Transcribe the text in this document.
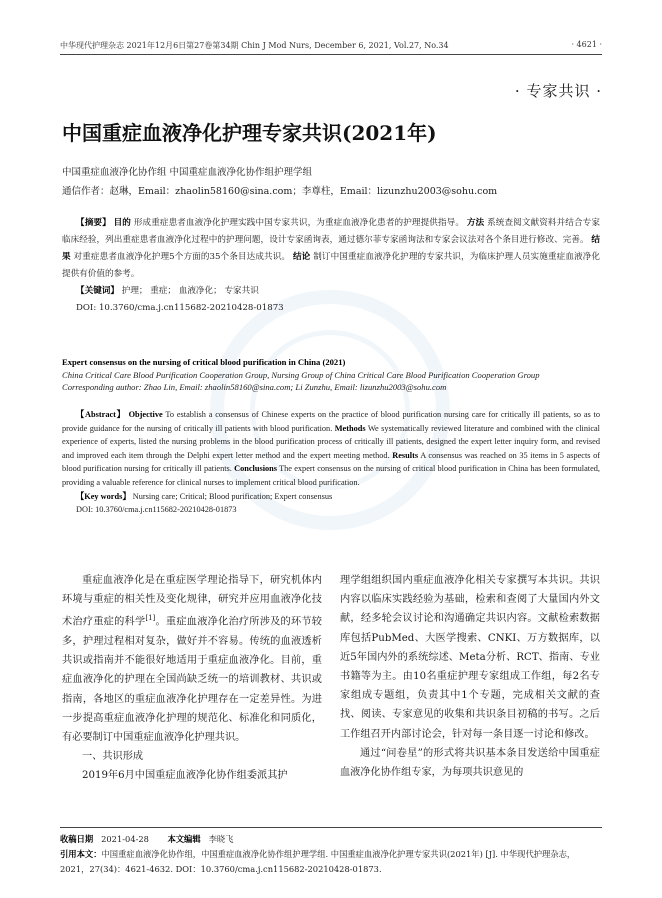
中华现代护理杂志 2021年12月6日第27卷第34期 Chin J Mod Nurs, December 6, 2021, Vol.27, No.34	· 4621 ·
· 专家共识 ·
中国重症血液净化护理专家共识(2021年)
中国重症血液净化协作组 中国重症血液净化协作组护理学组
通信作者：赵琳，Email：zhaolin58160@sina.com；李尊柱，Email：lizunzhu2003@sohu.com
【摘要】 目的 形成重症患者血液净化护理实践中国专家共识，为重症血液净化患者的护理提供指导。 方法 系统查阅文献资料并结合专家临床经验，列出重症患者血液净化过程中的护理问题，设计专家函询表，通过德尔菲专家函询法和专家会议法对各个条目进行修改、完善。 结果 对重症患者血液净化护理5个方面的35个条目达成共识。 结论 制订中国重症血液净化护理的专家共识，为临床护理人员实施重症血液净化提供有价值的参考。
【关键词】 护理； 重症； 血液净化； 专家共识
DOI: 10.3760/cma.j.cn115682-20210428-01873
Expert consensus on the nursing of critical blood purification in China (2021)
China Critical Care Blood Purification Cooperation Group, Nursing Group of China Critical Care Blood Purification Cooperation Group
Corresponding author: Zhao Lin, Email: zhaolin58160@sina.com; Li Zunzhu, Email: lizunzhu2003@sohu.com
【Abstract】 Objective To establish a consensus of Chinese experts on the practice of blood purification nursing care for critically ill patients, so as to provide guidance for the nursing of critically ill patients with blood purification. Methods We systematically reviewed literature and combined with the clinical experience of experts, listed the nursing problems in the blood purification process of critically ill patients, designed the expert letter inquiry form, and revised and improved each item through the Delphi expert letter method and the expert meeting method. Results A consensus was reached on 35 items in 5 aspects of blood purification nursing for critically ill patients. Conclusions The expert consensus on the nursing of critical blood purification in China has been formulated, providing a valuable reference for clinical nurses to implement critical blood purification.
【Key words】 Nursing care; Critical; Blood purification; Expert consensus
DOI: 10.3760/cma.j.cn115682-20210428-01873

重症血液净化是在重症医学理论指导下，研究机体内环境与重症的相关性及变化规律，研究并应用血液净化技术治疗重症的科学[1]。重症血液净化治疗所涉及的环节较多，护理过程相对复杂，做好并不容易。传统的血液透析共识或指南并不能很好地适用于重症血液净化。目前，重症血液净化的护理在全国尚缺乏统一的培训教材、共识或指南，各地区的重症血液净化护理存在一定差异性。为进一步提高重症血液净化护理的规范化、标准化和同质化，有必要制订中国重症血液净化护理共识。

一、共识形成

2019年6月中国重症血液净化协作组委派其护

理学组组织国内重症血液净化相关专家撰写本共识。共识内容以临床实践经验为基础，检索和查阅了大量国内外文献，经多轮会议讨论和沟通确定共识内容。文献检索数据库包括PubMed、大医学搜索、CNKI、万方数据库，以近5年国内外的系统综述、Meta分析、RCT、指南、专业书籍等为主。由10名重症护理专家组成工作组，每2名专家组成专题组，负责其中1个专题，完成相关文献的查找、阅读、专家意见的收集和共识条目初稿的书写。之后工作组召开内部讨论会，针对每一条目逐一讨论和修改。

通过“问卷星”的形式将共识基本条目发送给中国重症血液净化协作组专家，为每项共识意见的

收稿日期 2021-04-28 本文编辑 李晓飞
引用本文：中国重症血液净化协作组，中国重症血液净化协作组护理学组. 中国重症血液净化护理专家共识(2021年) [J]. 中华现代护理杂志，2021，27(34)：4621-4632. DOI：10.3760/cma.j.cn115682-20210428-01873.
